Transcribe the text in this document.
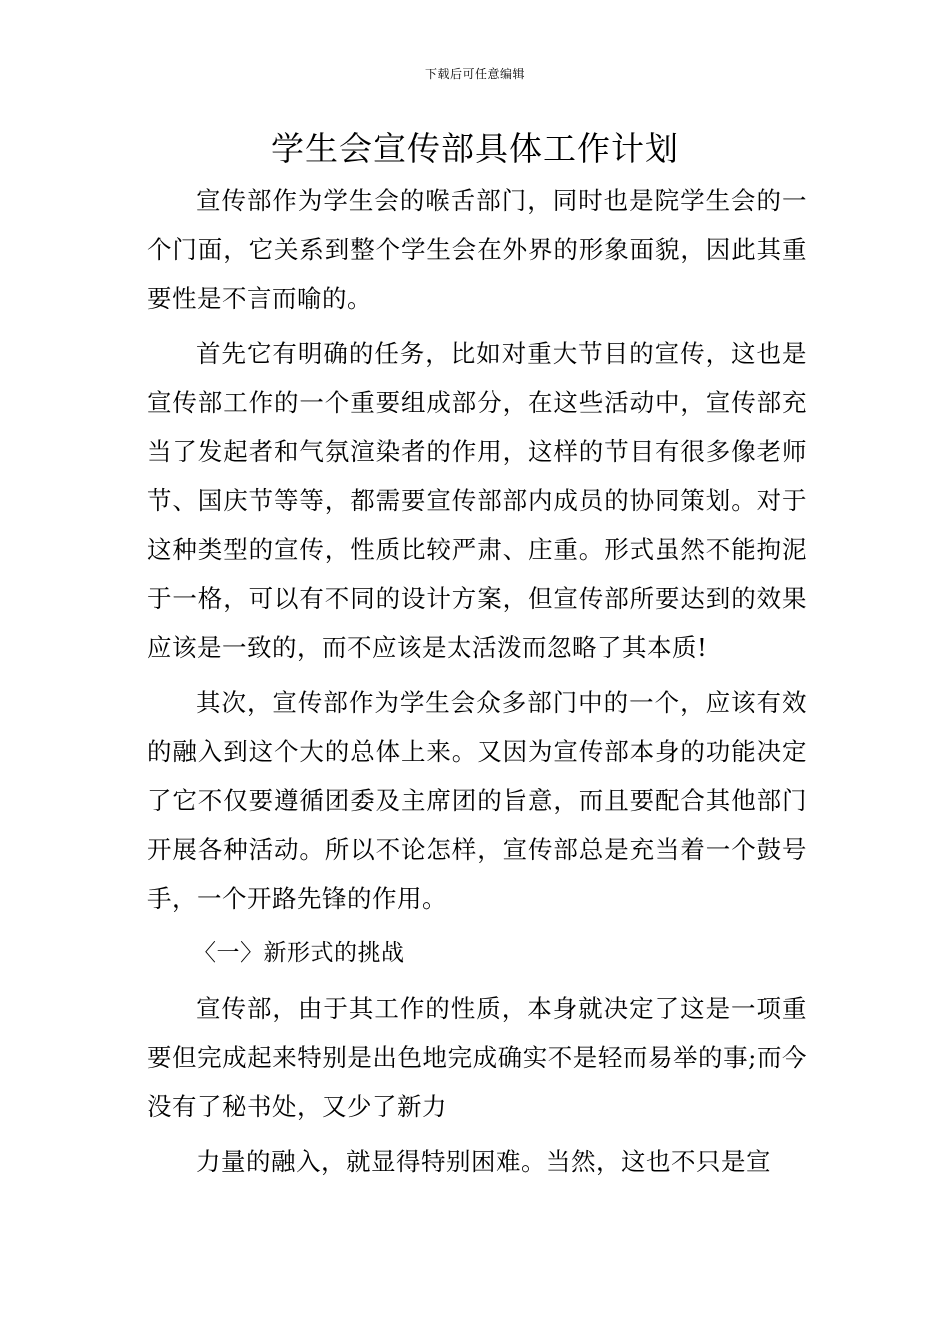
下载后可任意编辑
学生会宣传部具体工作计划

宣传部作为学生会的喉舌部门，同时也是院学生会的一个门面，它关系到整个学生会在外界的形象面貌，因此其重要性是不言而喻的。

首先它有明确的任务，比如对重大节目的宣传，这也是宣传部工作的一个重要组成部分，在这些活动中，宣传部充当了发起者和气氛渲染者的作用，这样的节目有很多像老师节、国庆节等等，都需要宣传部部内成员的协同策划。对于这种类型的宣传，性质比较严肃、庄重。形式虽然不能拘泥于一格，可以有不同的设计方案，但宣传部所要达到的效果应该是一致的，而不应该是太活泼而忽略了其本质!

其次，宣传部作为学生会众多部门中的一个，应该有效的融入到这个大的总体上来。又因为宣传部本身的功能决定了它不仅要遵循团委及主席团的旨意，而且要配合其他部门开展各种活动。所以不论怎样，宣传部总是充当着一个鼓号手，一个开路先锋的作用。

〈一〉新形式的挑战

宣传部，由于其工作的性质，本身就决定了这是一项重要但完成起来特别是出色地完成确实不是轻而易举的事;而今没有了秘书处，又少了新力

力量的融入，就显得特别困难。当然，这也不只是宣
